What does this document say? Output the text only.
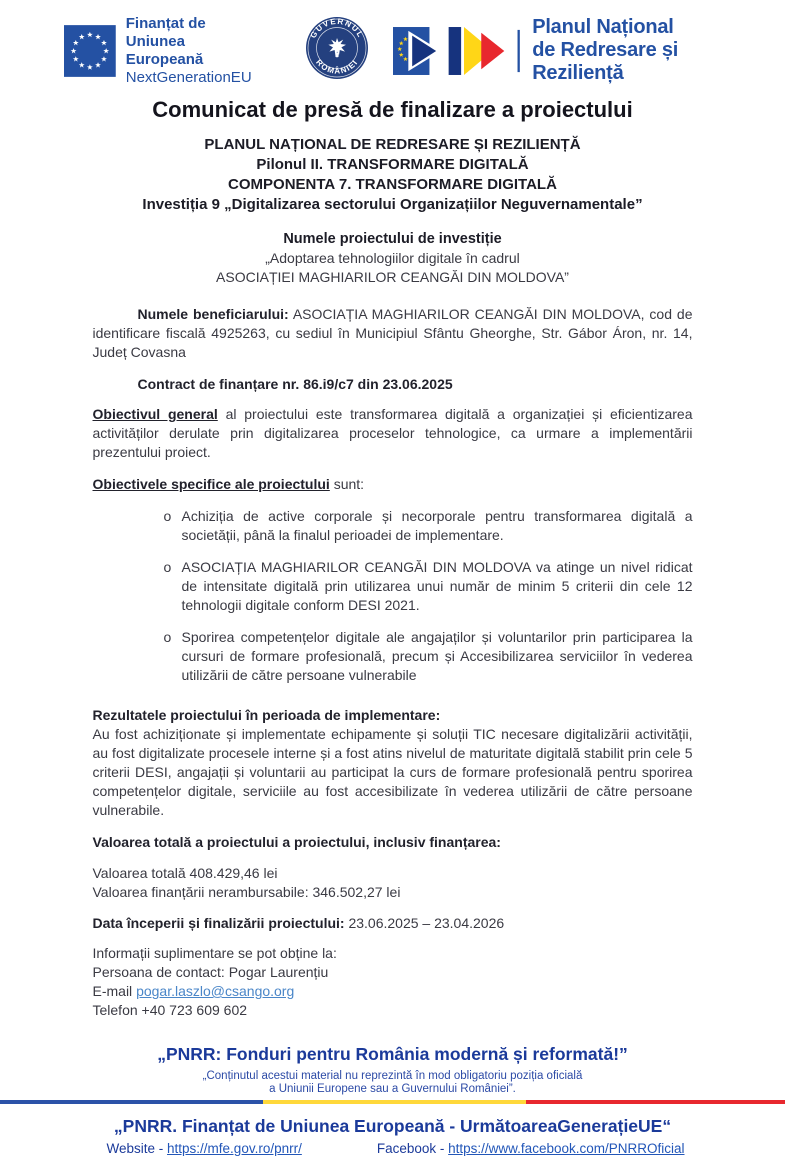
Finanțat de
Uniunea Europeană
NextGenerationEU
GUVERNUL
ROMÂNIEI
Planul Național
de Redresare și Reziliență
Comunicat de presă de finalizare a proiectului
PLANUL NAȚIONAL DE REDRESARE ȘI REZILIENȚĂ
Pilonul II. TRANSFORMARE DIGITALĂ
COMPONENTA 7. TRANSFORMARE DIGITALĂ
Investiția 9 „Digitalizarea sectorului Organizațiilor Neguvernamentale”
Numele proiectului de investiție
„Adoptarea tehnologiilor digitale în cadrul
ASOCIAȚIEI MAGHIARILOR CEANGĂI DIN MOLDOVA”

Numele beneficiarului: ASOCIAȚIA MAGHIARILOR CEANGĂI DIN MOLDOVA, cod de identificare fiscală 4925263, cu sediul în Municipiul Sfântu Gheorghe, Str. Gábor Áron, nr. 14, Județ Covasna

Contract de finanțare nr. 86.i9/c7 din 23.06.2025

Obiectivul general al proiectului este transformarea digitală a organizației și eficientizarea activităților derulate prin digitalizarea proceselor tehnologice, ca urmare a implementării prezentului proiect.

Obiectivele specifice ale proiectului sunt:

o Achiziția de active corporale și necorporale pentru transformarea digitală a societății, până la finalul perioadei de implementare.
o ASOCIAȚIA MAGHIARILOR CEANGĂI DIN MOLDOVA va atinge un nivel ridicat de intensitate digitală prin utilizarea unui număr de minim 5 criterii din cele 12 tehnologii digitale conform DESI 2021.
o Sporirea competențelor digitale ale angajaților și voluntarilor prin participarea la cursuri de formare profesională, precum și Accesibilizarea serviciilor în vederea utilizării de către persoane vulnerabile
Rezultatele proiectului în perioada de implementare:

Au fost achiziționate și implementate echipamente și soluții TIC necesare digitalizării activității, au fost digitalizate procesele interne și a fost atins nivelul de maturitate digitală stabilit prin cele 5 criterii DESI, angajații și voluntarii au participat la curs de formare profesională pentru sporirea competențelor digitale, serviciile au fost accesibilizate în vederea utilizării de către persoane vulnerabile.

Valoarea totală a proiectului a proiectului, inclusiv finanțarea:
Valoarea totală 408.429,46 lei
Valoarea finanțării nerambursabile: 346.502,27 lei

Data începerii și finalizării proiectului: 23.06.2025 – 23.04.2026

Informații suplimentare se pot obține la:
Persoana de contact: Pogar Laurențiu
E-mail pogar.laszlo@csango.org
Telefon +40 723 609 602
„PNRR: Fonduri pentru România modernă și reformată!”
„Conținutul acestui material nu reprezintă în mod obligatoriu poziția oficială
a Uniunii Europene sau a Guvernului României”.
„PNRR. Finanțat de Uniunea Europeană - UrmătoareaGenerațieUE“
Website - https://mfe.gov.ro/pnrr/	Facebook - https://www.facebook.com/PNRROficial
